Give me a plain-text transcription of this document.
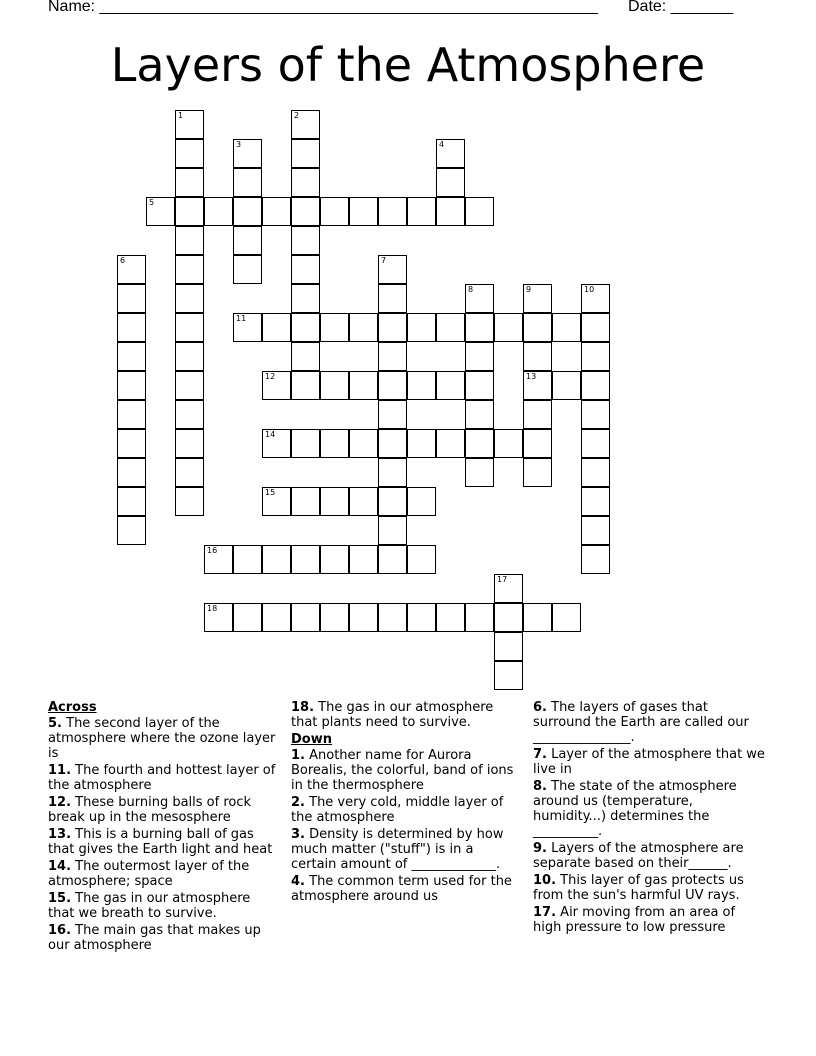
Name: ________________________________________________________ Date: _______
Layers of the Atmosphere
5
11
12	13
14
15
16
18
1	2
3	4
6	7
8	9	10
17
Across
5. The second layer of the atmosphere where the ozone layer is
11. The fourth and hottest layer of the atmosphere
12. These burning balls of rock break up in the mesosphere
13. This is a burning ball of gas that gives the Earth light and heat
14. The outermost layer of the atmosphere; space
15. The gas in our atmosphere that we breath to survive.
16. The main gas that makes up our atmosphere
18. The gas in our atmosphere that plants need to survive.
Down
1. Another name for Aurora Borealis, the colorful, band of ions in the thermosphere
2. The very cold, middle layer of the atmosphere
3. Density is determined by how much matter ("stuff") is in a certain amount of _____________.
4. The common term used for the atmosphere around us
6. The layers of gases that surround the Earth are called our _______________.
7. Layer of the atmosphere that we live in
8. The state of the atmosphere around us (temperature, humidity...) determines the __________.
9. Layers of the atmosphere are separate based on their______.
10. This layer of gas protects us from the sun's harmful UV rays.
17. Air moving from an area of high pressure to low pressure
